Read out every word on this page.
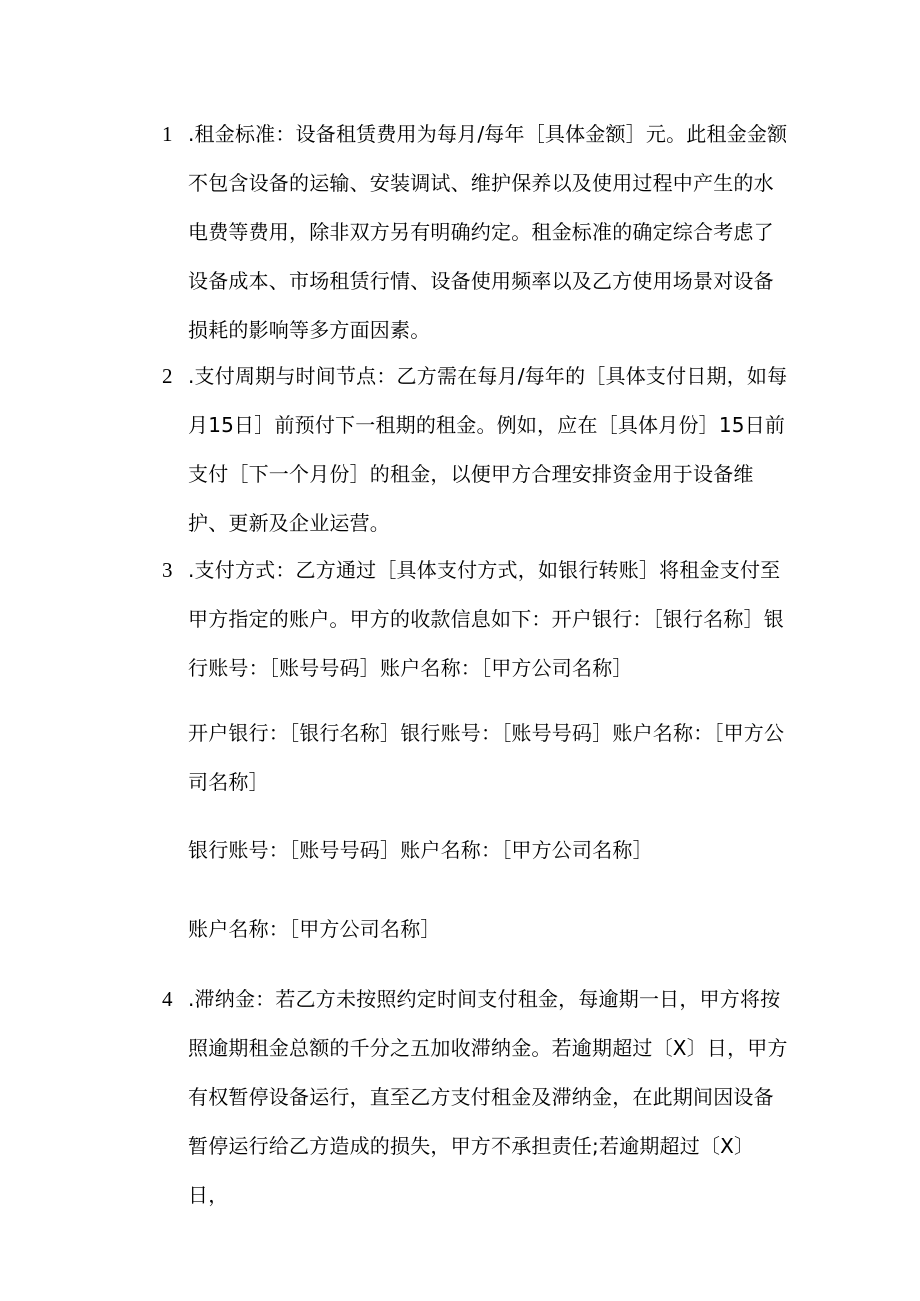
1 .租金标准：设备租赁费用为每月/每年［具体金额］元。此租金金额不包含设备的运输、安装调试、维护保养以及使用过程中产生的水电费等费用，除非双方另有明确约定。租金标准的确定综合考虑了设备成本、市场租赁行情、设备使用频率以及乙方使用场景对设备损耗的影响等多方面因素。
2 .支付周期与时间节点：乙方需在每月/每年的［具体支付日期，如每月15日］前预付下一租期的租金。例如，应在［具体月份］15日前支付［下一个月份］的租金，以便甲方合理安排资金用于设备维护、更新及企业运营。
3 .支付方式：乙方通过［具体支付方式，如银行转账］将租金支付至甲方指定的账户。甲方的收款信息如下：开户银行：［银行名称］银行账号：［账号号码］账户名称：［甲方公司名称］
开户银行：［银行名称］银行账号：［账号号码］账户名称：［甲方公司名称］
银行账号：［账号号码］账户名称：［甲方公司名称］
账户名称：［甲方公司名称］
4 .滞纳金：若乙方未按照约定时间支付租金，每逾期一日，甲方将按照逾期租金总额的千分之五加收滞纳金。若逾期超过〔X〕日，甲方有权暂停设备运行，直至乙方支付租金及滞纳金，在此期间因设备暂停运行给乙方造成的损失，甲方不承担责任;若逾期超过〔X〕日，
